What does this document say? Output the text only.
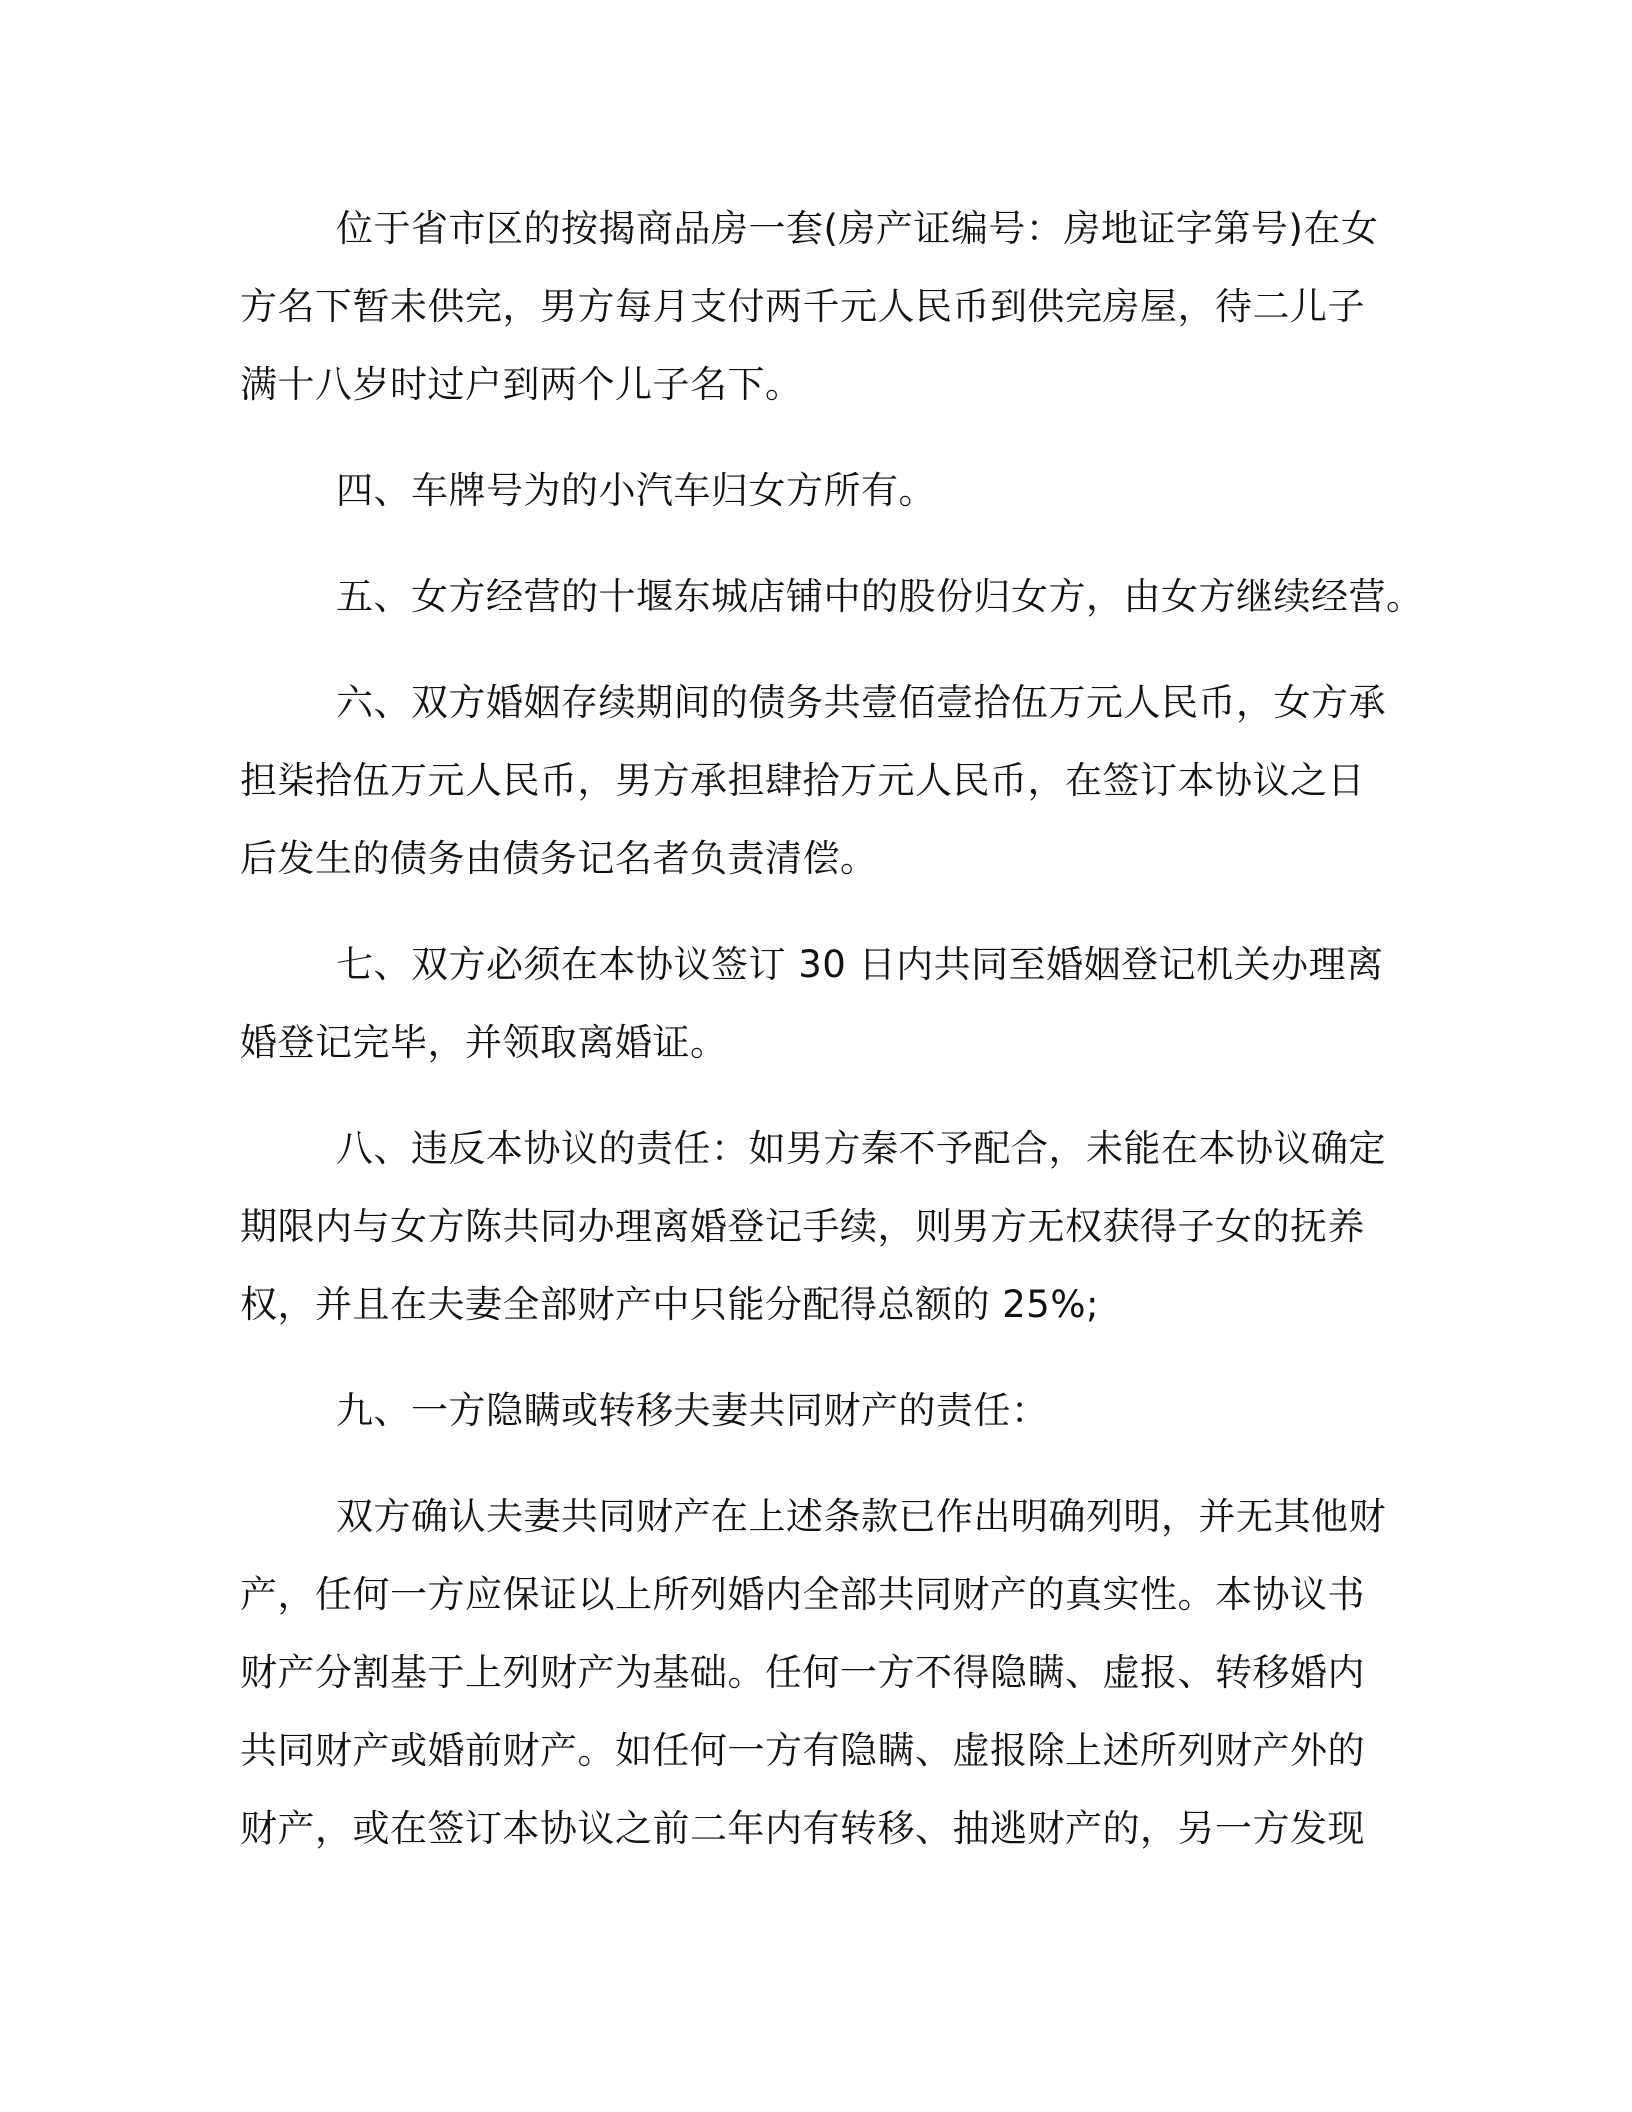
位于省市区的按揭商品房一套(房产证编号：房地证字第号)在女
方名下暂未供完，男方每月支付两千元人民币到供完房屋，待二儿子
满十八岁时过户到两个儿子名下。
四、车牌号为的小汽车归女方所有。
五、女方经营的十堰东城店铺中的股份归女方，由女方继续经营。
六、双方婚姻存续期间的债务共壹佰壹拾伍万元人民币，女方承
担柒拾伍万元人民币，男方承担肆拾万元人民币，在签订本协议之日
后发生的债务由债务记名者负责清偿。
七、双方必须在本协议签订 30 日内共同至婚姻登记机关办理离
婚登记完毕，并领取离婚证。
八、违反本协议的责任：如男方秦不予配合，未能在本协议确定
期限内与女方陈共同办理离婚登记手续，则男方无权获得子女的抚养
权，并且在夫妻全部财产中只能分配得总额的 25%;
九、一方隐瞒或转移夫妻共同财产的责任：
双方确认夫妻共同财产在上述条款已作出明确列明，并无其他财
产，任何一方应保证以上所列婚内全部共同财产的真实性。本协议书
财产分割基于上列财产为基础。任何一方不得隐瞒、虚报、转移婚内
共同财产或婚前财产。如任何一方有隐瞒、虚报除上述所列财产外的
财产，或在签订本协议之前二年内有转移、抽逃财产的，另一方发现
